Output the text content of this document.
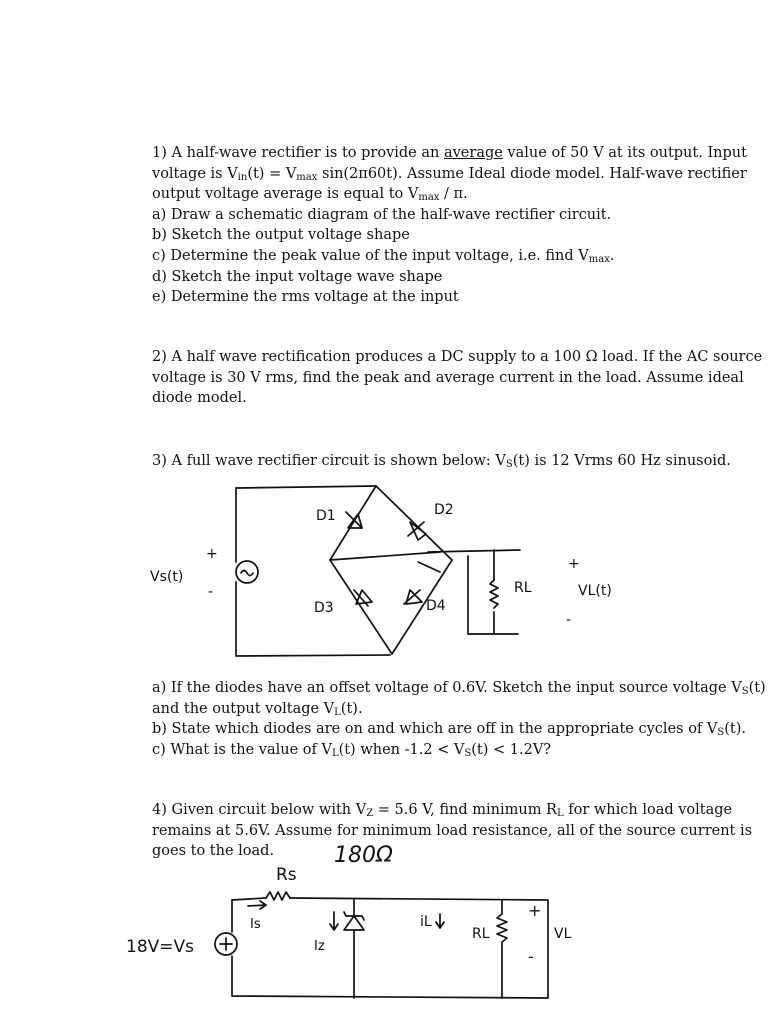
1) A half-wave rectifier is to provide an average value of 50 V at its output. Input

voltage is $V_{in}(t) = V_{max}$ sin(2π60t). Assume Ideal diode model. Half-wave rectifier

output voltage average is equal to $V_{max}$ / π.

a) Draw a schematic diagram of the half-wave rectifier circuit.

b) Sketch the output voltage shape

c) Determine the peak value of the input voltage, i.e. find $V_{max}$.

d) Sketch the input voltage wave shape

e) Determine the rms voltage at the input

2) A half wave rectification produces a DC supply to a 100 Ω load. If the AC source

voltage is 30 V rms, find the peak and average current in the load. Assume ideal

diode model.

3) A full wave rectifier circuit is shown below: $V_S(t)$ is 12 Vrms 60 Hz sinusoid.

Vs(t)
+
-
D1	D2
D3	D4
RL
+
VL(t)
-

a) If the diodes have an offset voltage of 0.6V. Sketch the input source voltage $V_S(t)$

and the output voltage $V_L(t)$.

b) State which diodes are on and which are off in the appropriate cycles of $V_S(t)$.

c) What is the value of $V_L(t)$ when $-1.2 < V_S(t) < 1.2V$?

4) Given circuit below with $V_Z = 5.6$ V, find minimum $R_L$ for which load voltage

remains at 5.6V. Assume for minimum load resistance, all of the source current is

goes to the load.

Rs
180Ω
Is
Iz
iL
RL
+
VL
-
18V=Vs
